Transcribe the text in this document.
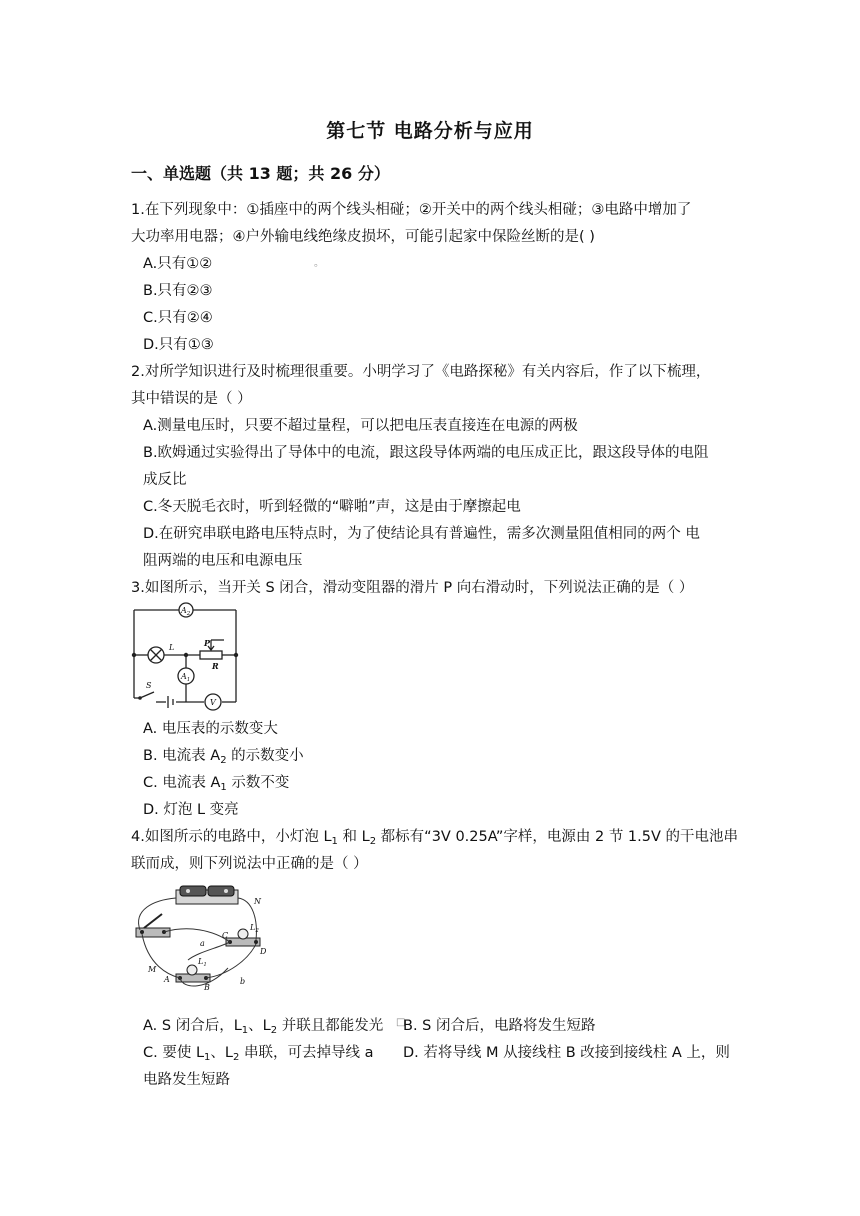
第七节 电路分析与应用
一、单选题（共 13 题；共 26 分）
1.在下列现象中：①插座中的两个线头相碰；②开关中的两个线头相碰；③电路中增加了
大功率用电器；④户外输电线绝缘皮损坏，可能引起家中保险丝断的是( )
A.只有①②	。
B.只有②③
C.只有②④
D.只有①③
2.对所学知识进行及时梳理很重要。小明学习了《电路探秘》有关内容后，作了以下梳理，
其中错误的是（ ）
A.测量电压时，只要不超过量程，可以把电压表直接连在电源的两极
B.欧姆通过实验得出了导体中的电流，跟这段导体两端的电压成正比，跟这段导体的电阻
成反比
C.冬天脱毛衣时，听到轻微的“噼啪”声，这是由于摩擦起电
D.在研究串联电路电压特点时，为了使结论具有普遍性，需多次测量阻值相同的两个 电
阻两端的电压和电源电压
3.如图所示，当开关 S 闭合，滑动变阻器的滑片 P 向右滑动时，下列说法正确的是（ ）
$A_2$
$A_1$
L	P
R
S
V
A. 电压表的示数变大
B. 电流表 $A_2$ 的示数变小
C. 电流表 $A_1$ 示数不变
D. 灯泡 L 变亮
4.如图所示的电路中，小灯泡 $L_1$ 和 $L_2$ 都标有“3V 0.25A”字样，电源由 2 节 1.5V 的干电池串
联而成，则下列说法中正确的是（ ）
N
$L_2$
C
D
a
$L_1$
M
A
B
b
A. S 闭合后，$L_1$、$L_2$ 并联且都能发光 □
B. S 闭合后，电路将发生短路
C. 要使 $L_1$、$L_2$ 串联，可去掉导线 a D. 若将导线 M 从接线柱 B 改接到接线柱 A 上，则
电路发生短路
